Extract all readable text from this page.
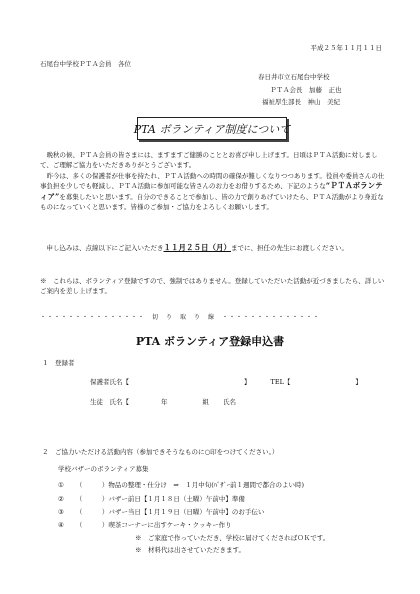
平成２５年１１月１１日
石尾台中学校ＰＴＡ会員　各位
春日井市立石尾台中学校
ＰＴＡ会長　加藤　正也
福祉厚生部長　神山　美紀
PTA ボランティア制度について
　晩秋の候、ＰＴＡ会員の皆さまには、ますますご健勝のこととお喜び申し上げます。日頃はＰＴＡ活動に対しまして、ご理解ご協力をいただきありがとうございます。
　昨今は、多くの保護者が仕事を持たれ、ＰＴＡ活動への時間の確保が難しくなりつつあります。役員や委員さんの仕事負担を少しでも軽減し、ＰＴＡ活動に参加可能な皆さんのお力をお借りするため、下記のような“ＰＴＡボランティア”を募集したいと思います。自分のできることで参加し、皆の力で創りあげていけたら、ＰＴＡ活動がより身近なものになっていくと思います。皆様のご参加・ご協力をよろしくお願いします。
　申し込みは、点線以下にご記入いただき１１月２５日（月）までに、担任の先生にお渡しください。
※　これらは、ボランティア登録ですので、強制ではありません。登録していただいた活動が近づきましたら、詳しいご案内を差し上げます。
・・・・・・・・・・・・・・・　切　り　取　り　線　・・・・・・・・・・・・・・
PTA ボランティア登録申込書
１　登録者
保護者氏名【	】	TEL【	】
生徒　氏名【	年	組 氏名
２　ご協力いただける活動内容（参加できそうなものに○印をつけてください。）
学校バザーのボランティア募集
① （　　　）物品の整理・仕分け　⇒　１月中旬(ﾊﾞｻﾞｰ前１週間で都合のよい時)
② （　　　）バザー前日【１月１８日（土曜）午前中】準備
③ （　　　）バザー当日【１月１９日（日曜）午前中】のお手伝い
④ （　　　）喫茶コーナーに出すケーキ・クッキー作り
※　ご家庭で作っていただき、学校に届けてくださればＯＫです。
※　材料代は出させていただきます。
